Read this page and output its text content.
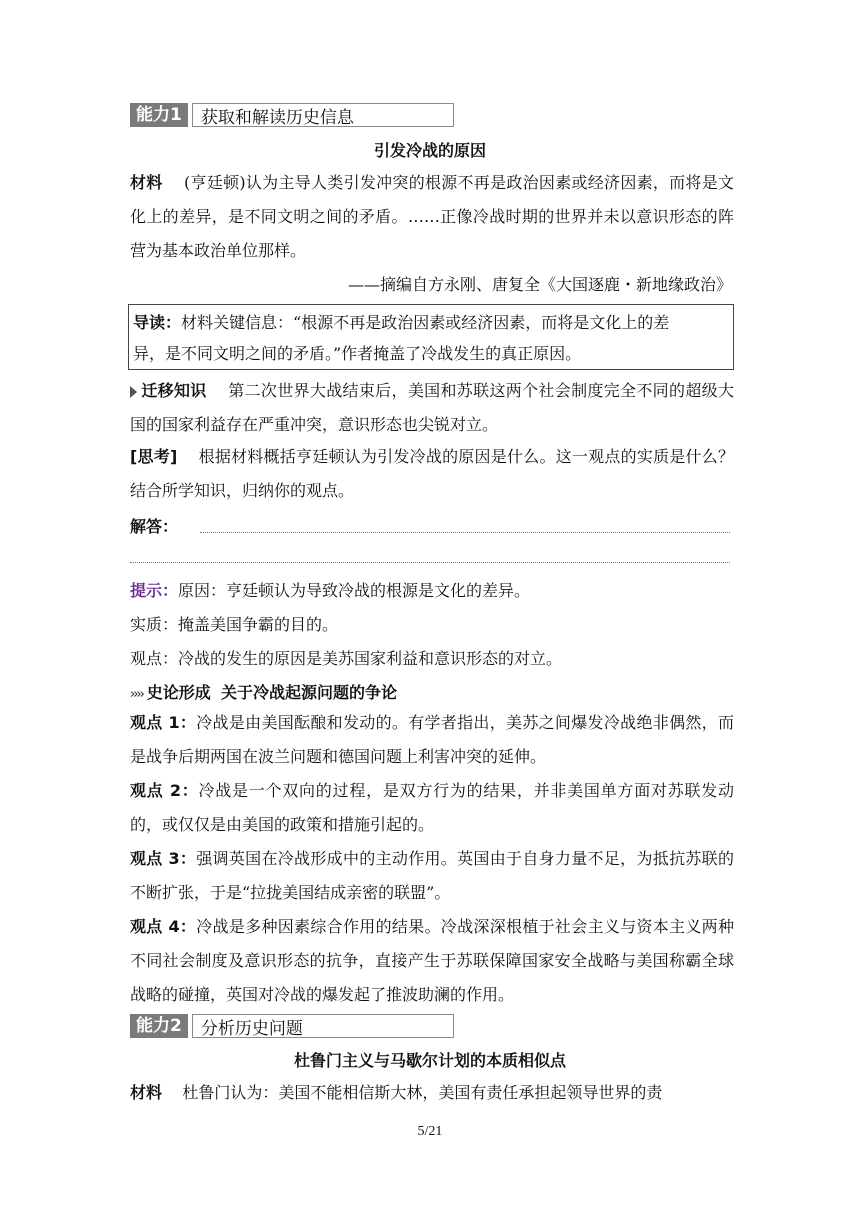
能力1	获取和解读历史信息
引发冷战的原因
材料 (亨廷顿)认为主导人类引发冲突的根源不再是政治因素或经济因素，而将是文化上的差异，是不同文明之间的矛盾。……正像冷战时期的世界并未以意识形态的阵营为基本政治单位那样。
——摘编自方永刚、唐复全《大国逐鹿・新地缘政治》
导读：材料关键信息：“根源不再是政治因素或经济因素，而将是文化上的差
异，是不同文明之间的矛盾。”作者掩盖了冷战发生的真正原因。
迁移知识 第二次世界大战结束后，美国和苏联这两个社会制度完全不同的超级大国的国家利益存在严重冲突，意识形态也尖锐对立。
[思考] 根据材料概括亨廷顿认为引发冷战的原因是什么。这一观点的实质是什么？结合所学知识，归纳你的观点。
解答：
提示：原因：亨廷顿认为导致冷战的根源是文化的差异。
实质：掩盖美国争霸的目的。
观点：冷战的发生的原因是美苏国家利益和意识形态的对立。
›››› 史论形成 关于冷战起源问题的争论
观点 1：冷战是由美国酝酿和发动的。有学者指出，美苏之间爆发冷战绝非偶然，而是战争后期两国在波兰问题和德国问题上利害冲突的延伸。
观点 2：冷战是一个双向的过程，是双方行为的结果，并非美国单方面对苏联发动的，或仅仅是由美国的政策和措施引起的。
观点 3：强调英国在冷战形成中的主动作用。英国由于自身力量不足，为抵抗苏联的不断扩张，于是“拉拢美国结成亲密的联盟”。
观点 4：冷战是多种因素综合作用的结果。冷战深深根植于社会主义与资本主义两种不同社会制度及意识形态的抗争，直接产生于苏联保障国家安全战略与美国称霸全球战略的碰撞，英国对冷战的爆发起了推波助澜的作用。
能力2	分析历史问题
杜鲁门主义与马歇尔计划的本质相似点
材料 杜鲁门认为：美国不能相信斯大林，美国有责任承担起领导世界的责
5/21
